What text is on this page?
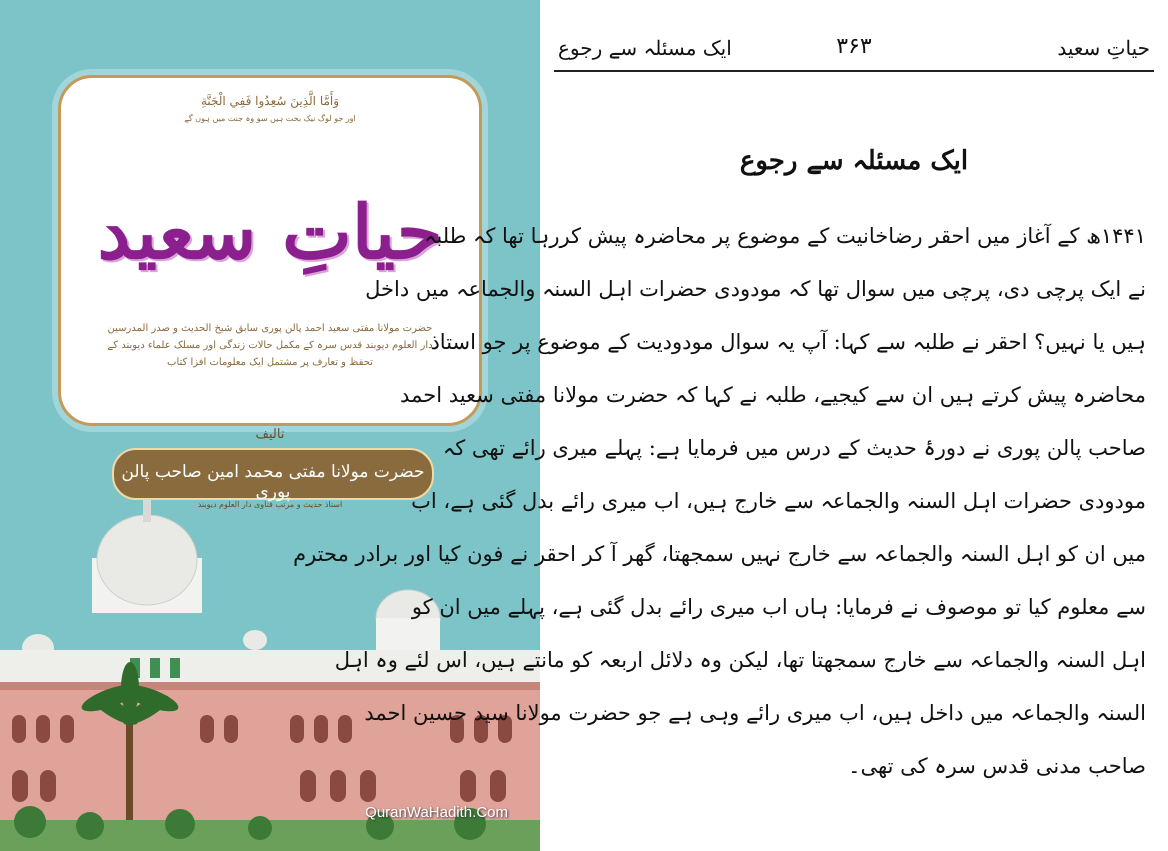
وَأَمَّا الَّذِينَ سُعِدُوا فَفِي الْجَنَّةِ
اور جو لوگ نیک بخت ہیں سو وہ جنت میں ہوں گے
حیاتِ سعید
حضرت مولانا مفتی سعید احمد پالن پوری سابق شیخ الحدیث و صدر المدرسین
دار العلوم دیوبند قدس سرہ کے مکمل حالات زندگی اور مسلک علماء دیوبند کے
تحفظ و تعارف پر مشتمل ایک معلومات افزا کتاب
تالیف
حضرت مولانا مفتی محمد امین صاحب پالن پوری
استاذ حدیث و مرتب فتاوی دار العلوم دیوبند
QuranWaHadith.Com
حیاتِ سعید
۳۶۳
ایک مسئلہ سے رجوع
ایک مسئلہ سے رجوع
۱۴۴۱ھ کے آغاز میں احقر رضاخانیت کے موضوع پر محاضرہ پیش کررہا تھا کہ طلبہ
نے ایک پرچی دی، پرچی میں سوال تھا کہ مودودی حضرات اہل السنہ والجماعہ میں داخل
ہیں یا نہیں؟ احقر نے طلبہ سے کہا: آپ یہ سوال مودودیت کے موضوع پر جو استاذ
محاضرہ پیش کرتے ہیں ان سے کیجیے، طلبہ نے کہا کہ حضرت مولانا مفتی سعید احمد
صاحب پالن پوری نے دورۂ حدیث کے درس میں فرمایا ہے: پہلے میری رائے تھی کہ
مودودی حضرات اہل السنہ والجماعہ سے خارج ہیں، اب میری رائے بدل گئی ہے، اب
میں ان کو اہل السنہ والجماعہ سے خارج نہیں سمجھتا، گھر آ کر احقر نے فون کیا اور برادر محترم
سے معلوم کیا تو موصوف نے فرمایا: ہاں اب میری رائے بدل گئی ہے، پہلے میں ان کو
اہل السنہ والجماعہ سے خارج سمجھتا تھا، لیکن وہ دلائل اربعہ کو مانتے ہیں، اس لئے وہ اہل
السنہ والجماعہ میں داخل ہیں، اب میری رائے وہی ہے جو حضرت مولانا سید حسین احمد
صاحب مدنی قدس سرہ کی تھی۔
